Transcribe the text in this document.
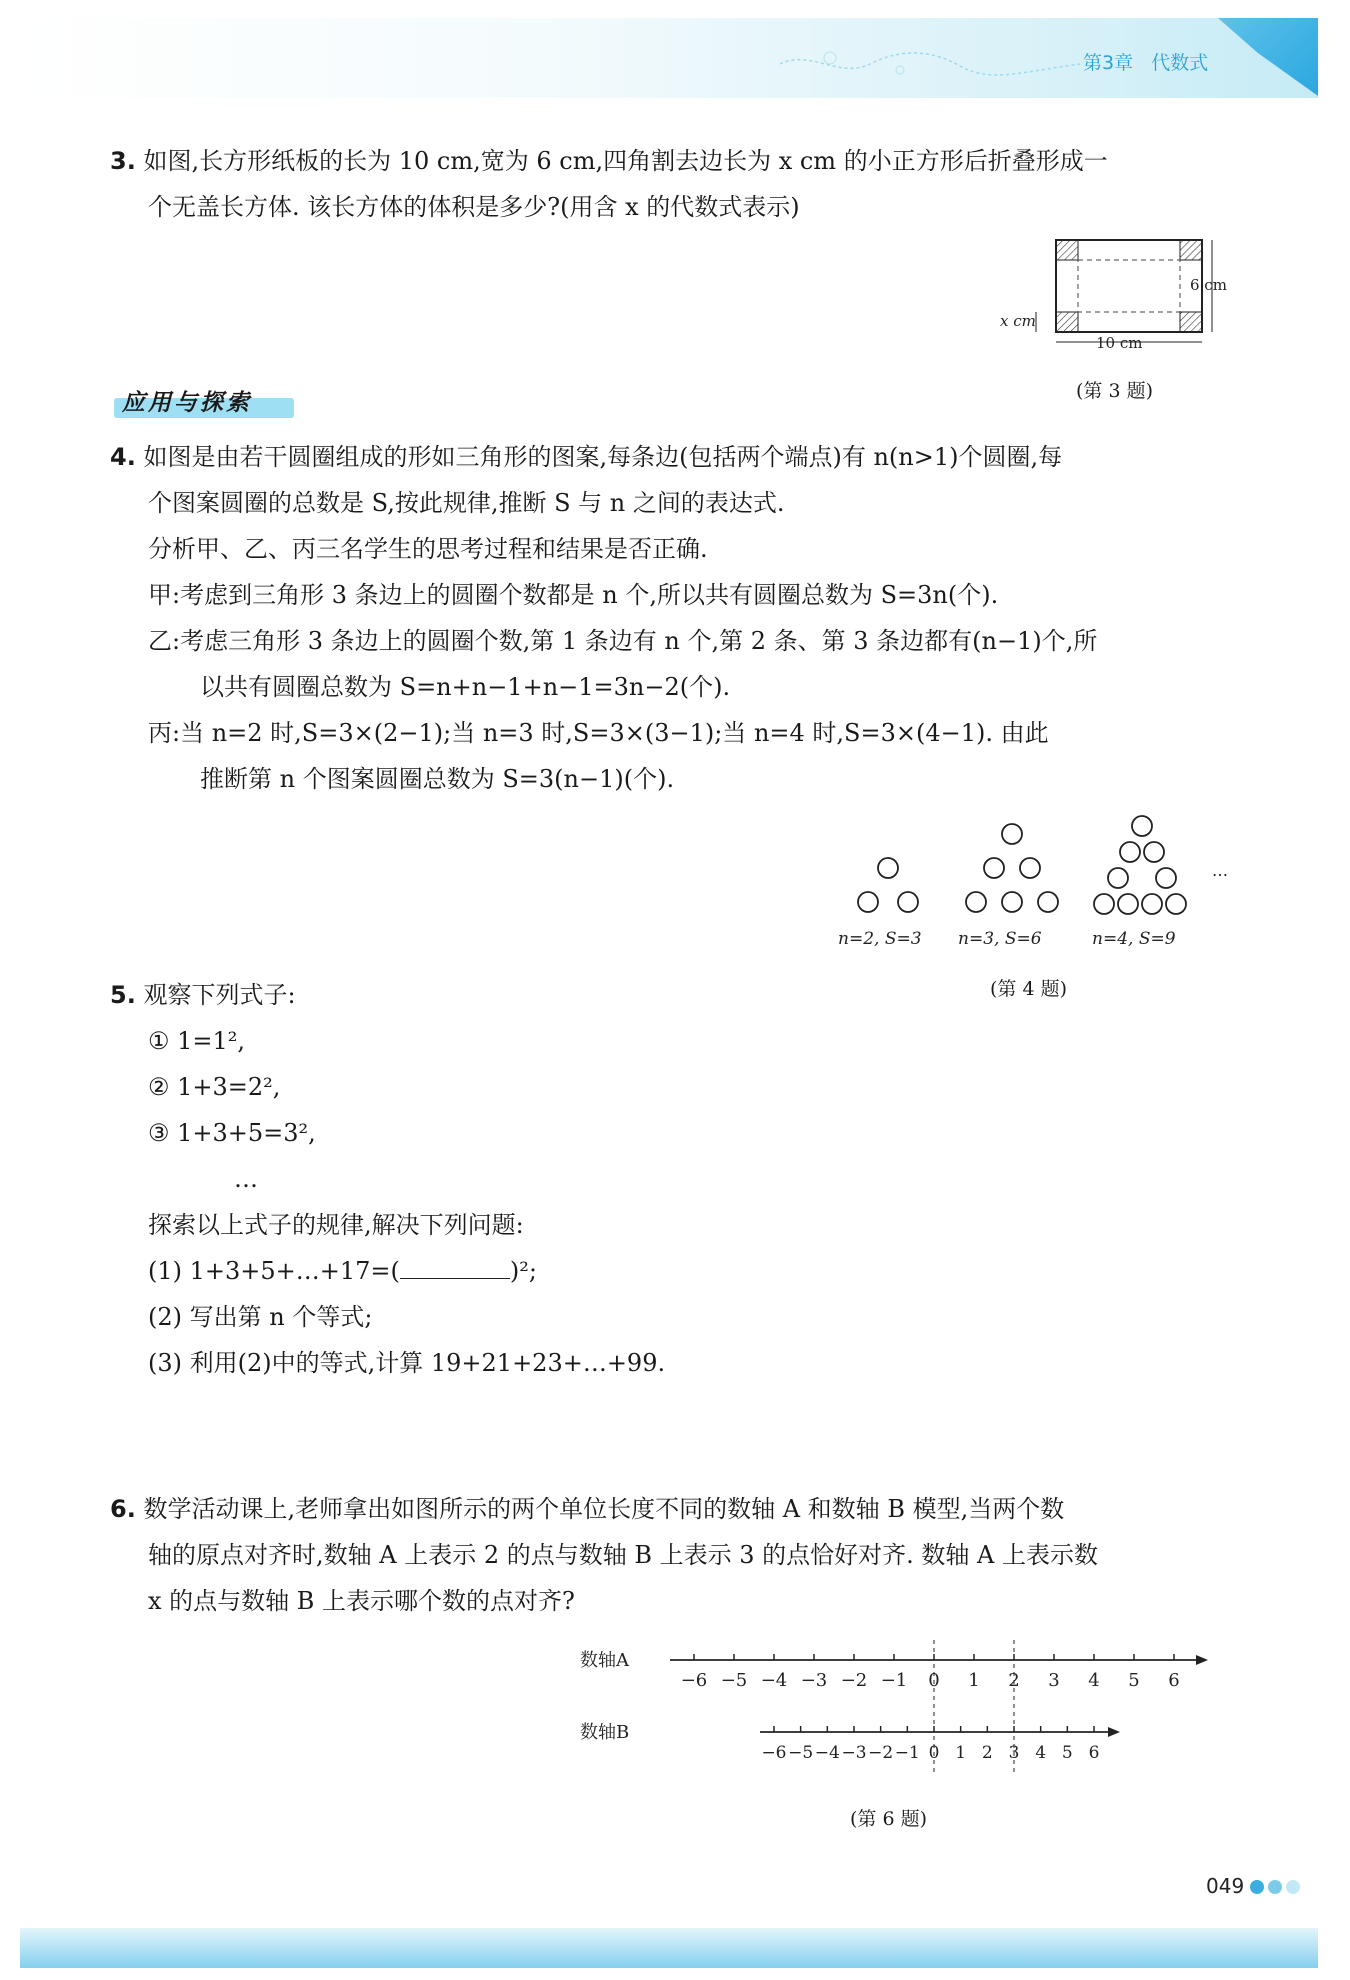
第3章 代数式
3. 如图,长方形纸板的长为 10 cm,宽为 6 cm,四角割去边长为 x cm 的小正方形后折叠形成一
个无盖长方体. 该长方体的体积是多少?(用含 x 的代数式表示)
6 cm
10 cm
x cm
(第 3 题)
应用与探索
4. 如图是由若干圆圈组成的形如三角形的图案,每条边(包括两个端点)有 n(n>1)个圆圈,每
个图案圆圈的总数是 S,按此规律,推断 S 与 n 之间的表达式.
分析甲、乙、丙三名学生的思考过程和结果是否正确.
甲:考虑到三角形 3 条边上的圆圈个数都是 n 个,所以共有圆圈总数为 S=3n(个).
乙:考虑三角形 3 条边上的圆圈个数,第 1 条边有 n 个,第 2 条、第 3 条边都有(n−1)个,所
以共有圆圈总数为 S=n+n−1+n−1=3n−2(个).
丙:当 n=2 时,S=3×(2−1);当 n=3 时,S=3×(3−1);当 n=4 时,S=3×(4−1). 由此
推断第 n 个图案圆圈总数为 S=3(n−1)(个).
…
n=2, S=3 n=3, S=6	n=4, S=9
(第 4 题)
5. 观察下列式子:
① 1=1²,
② 1+3=2²,
③ 1+3+5=3²,
…
探索以上式子的规律,解决下列问题:
(1) 1+3+5+…+17=(	)²;
(2) 写出第 n 个等式;
(3) 利用(2)中的等式,计算 19+21+23+…+99.
6. 数学活动课上,老师拿出如图所示的两个单位长度不同的数轴 A 和数轴 B 模型,当两个数
轴的原点对齐时,数轴 A 上表示 2 的点与数轴 B 上表示 3 的点恰好对齐. 数轴 A 上表示数
x 的点与数轴 B 上表示哪个数的点对齐?
数轴A
数轴B
−6 −5 −4 −3 −2 −1 0 1 2 3 4 5 6
−6 −5 −4 −3 −2 −1 0 1 2 3 4 5 6
(第 6 题)
049
